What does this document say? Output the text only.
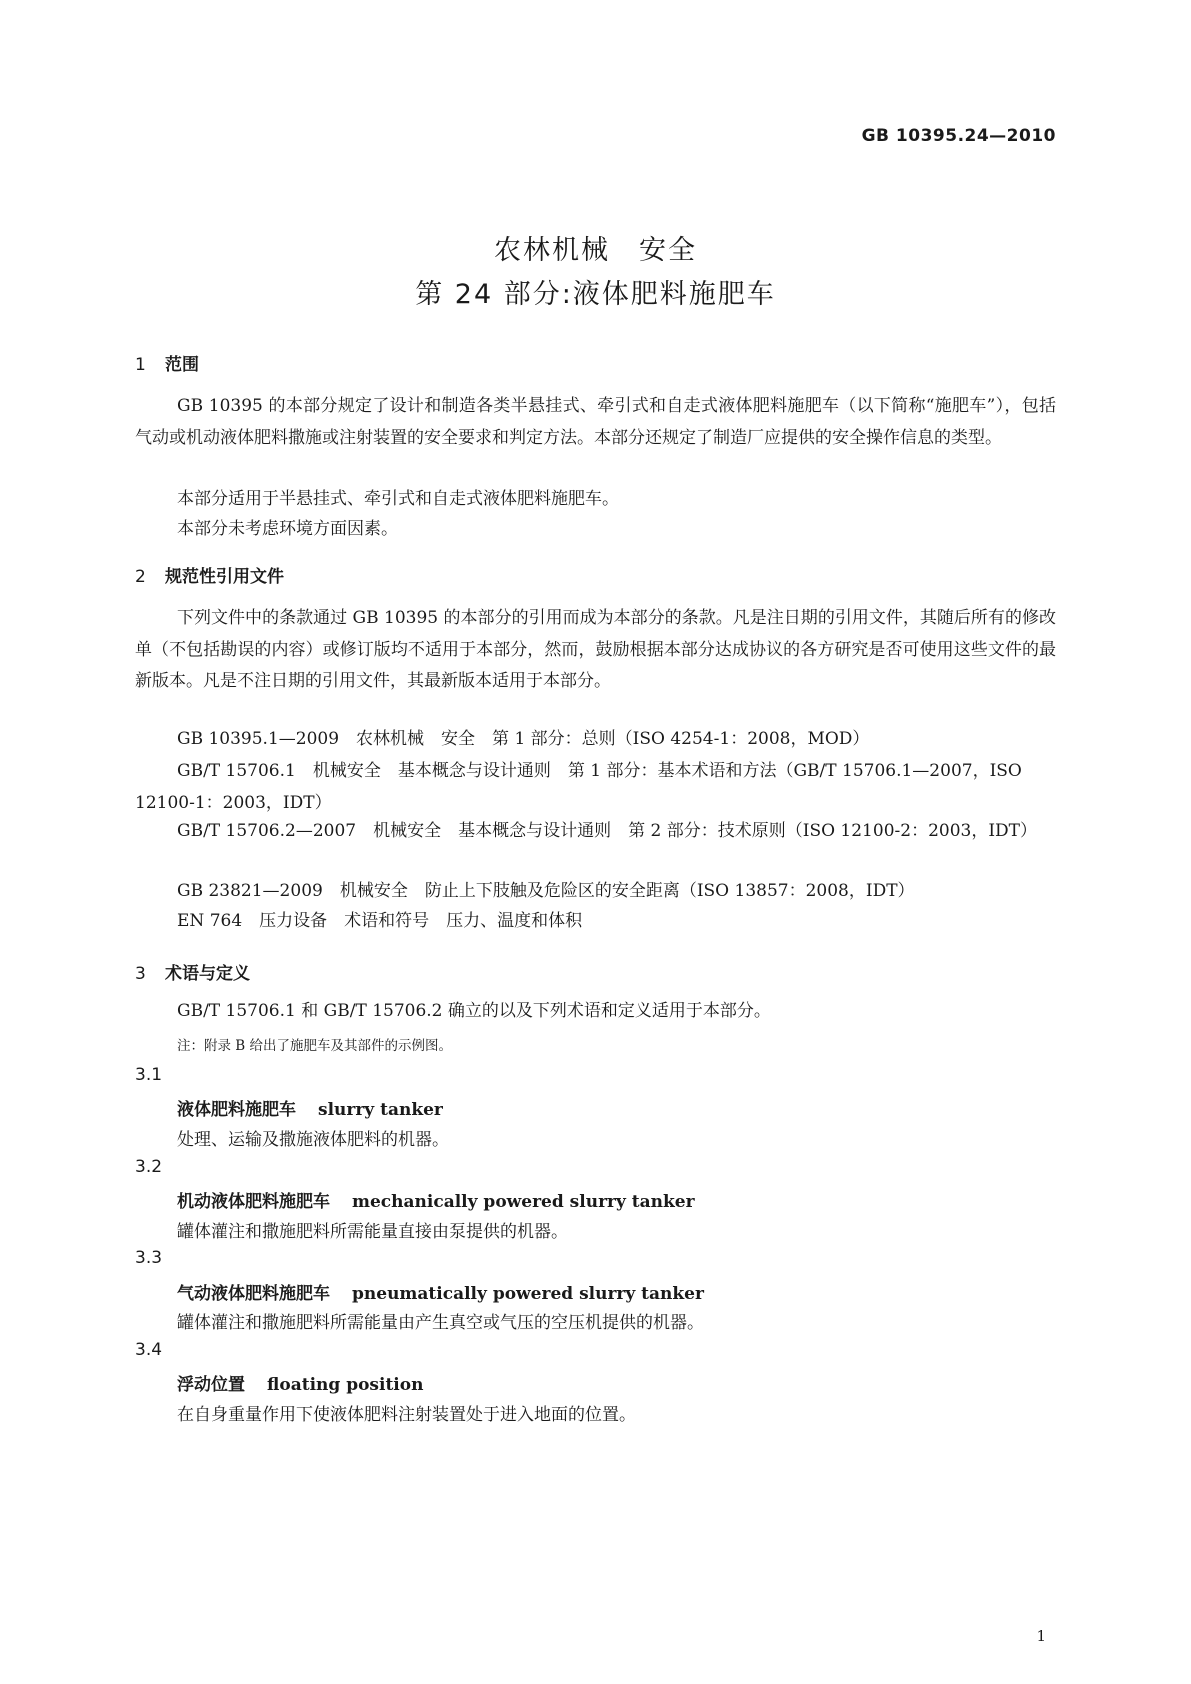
GB 10395.24—2010
农林机械　安全
第 24 部分:液体肥料施肥车
1 范围
GB 10395 的本部分规定了设计和制造各类半悬挂式、牵引式和自走式液体肥料施肥车（以下简称“施肥车”），包括气动或机动液体肥料撒施或注射装置的安全要求和判定方法。本部分还规定了制造厂应提供的安全操作信息的类型。
本部分适用于半悬挂式、牵引式和自走式液体肥料施肥车。
本部分未考虑环境方面因素。
2 规范性引用文件
下列文件中的条款通过 GB 10395 的本部分的引用而成为本部分的条款。凡是注日期的引用文件，其随后所有的修改单（不包括勘误的内容）或修订版均不适用于本部分，然而，鼓励根据本部分达成协议的各方研究是否可使用这些文件的最新版本。凡是不注日期的引用文件，其最新版本适用于本部分。
GB 10395.1—2009　农林机械　安全　第 1 部分：总则（ISO 4254-1：2008，MOD）
GB/T 15706.1　机械安全　基本概念与设计通则　第 1 部分：基本术语和方法（GB/T 15706.1—2007，ISO 12100-1：2003，IDT）
GB/T 15706.2—2007　机械安全　基本概念与设计通则　第 2 部分：技术原则（ISO 12100-2：2003，IDT）
GB 23821—2009　机械安全　防止上下肢触及危险区的安全距离（ISO 13857：2008，IDT）
EN 764　压力设备　术语和符号　压力、温度和体积
3 术语与定义
GB/T 15706.1 和 GB/T 15706.2 确立的以及下列术语和定义适用于本部分。
注：附录 B 给出了施肥车及其部件的示例图。
3.1
液体肥料施肥车 slurry tanker
处理、运输及撒施液体肥料的机器。
3.2
机动液体肥料施肥车 mechanically powered slurry tanker
罐体灌注和撒施肥料所需能量直接由泵提供的机器。
3.3
气动液体肥料施肥车 pneumatically powered slurry tanker
罐体灌注和撒施肥料所需能量由产生真空或气压的空压机提供的机器。
3.4
浮动位置 floating position
在自身重量作用下使液体肥料注射装置处于进入地面的位置。
1
